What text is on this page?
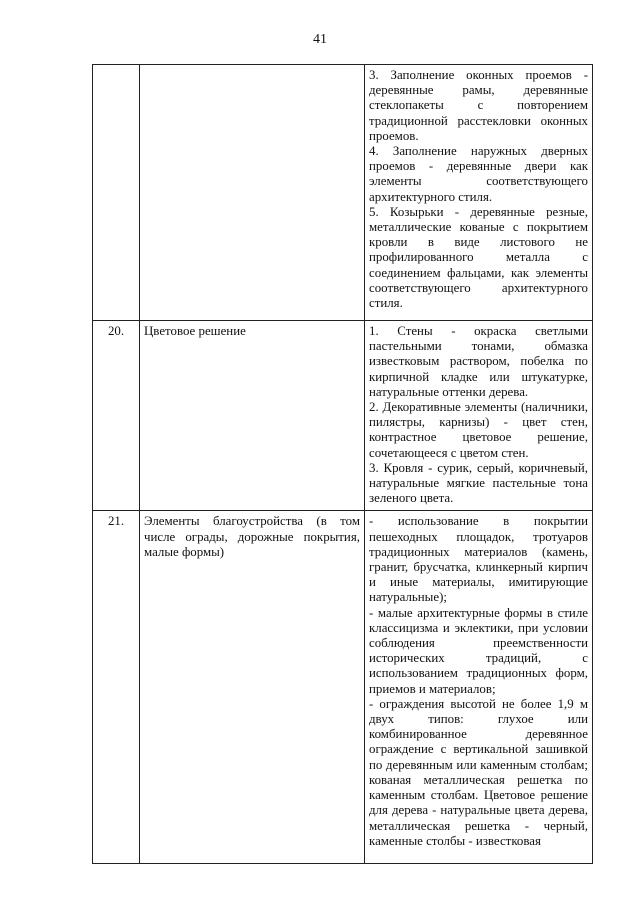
41

		3. Заполнение оконных проемов - деревянные рамы, деревянные стеклопакеты с повторением традиционной расстекловки оконных проемов.

4. Заполнение наружных дверных проемов - деревянные двери как элементы соответствующего архитектурного стиля.

5. Козырьки - деревянные резные, металлические кованые с покрытием кровли в виде листового не профилированного металла с соединением фальцами, как элементы соответствующего архитектурного стиля.

20.	Цветовое решение	1. Стены - окраска светлыми пастельными тонами, обмазка известковым раствором, побелка по кирпичной кладке или штукатурке, натуральные оттенки дерева.

2. Декоративные элементы (наличники, пилястры, карнизы) - цвет стен, контрастное цветовое решение, сочетающееся с цветом стен.

3. Кровля - сурик, серый, коричневый, натуральные мягкие пастельные тона зеленого цвета.

21.	Элементы благоустройства (в том числе ограды, дорожные покрытия, малые формы)	- использование в покрытии пешеходных площадок, тротуаров традиционных материалов (камень, гранит, брусчатка, клинкерный кирпич и иные материалы, имитирующие натуральные);

- малые архитектурные формы в стиле классицизма и эклектики, при условии соблюдения преемственности исторических традиций, с использованием традиционных форм, приемов и материалов;

- ограждения высотой не более 1,9 м двух типов: глухое или комбинированное деревянное ограждение с вертикальной зашивкой по деревянным или каменным столбам; кованая металлическая решетка по каменным столбам. Цветовое решение для дерева - натуральные цвета дерева, металлическая решетка - черный, каменные столбы - известковая
